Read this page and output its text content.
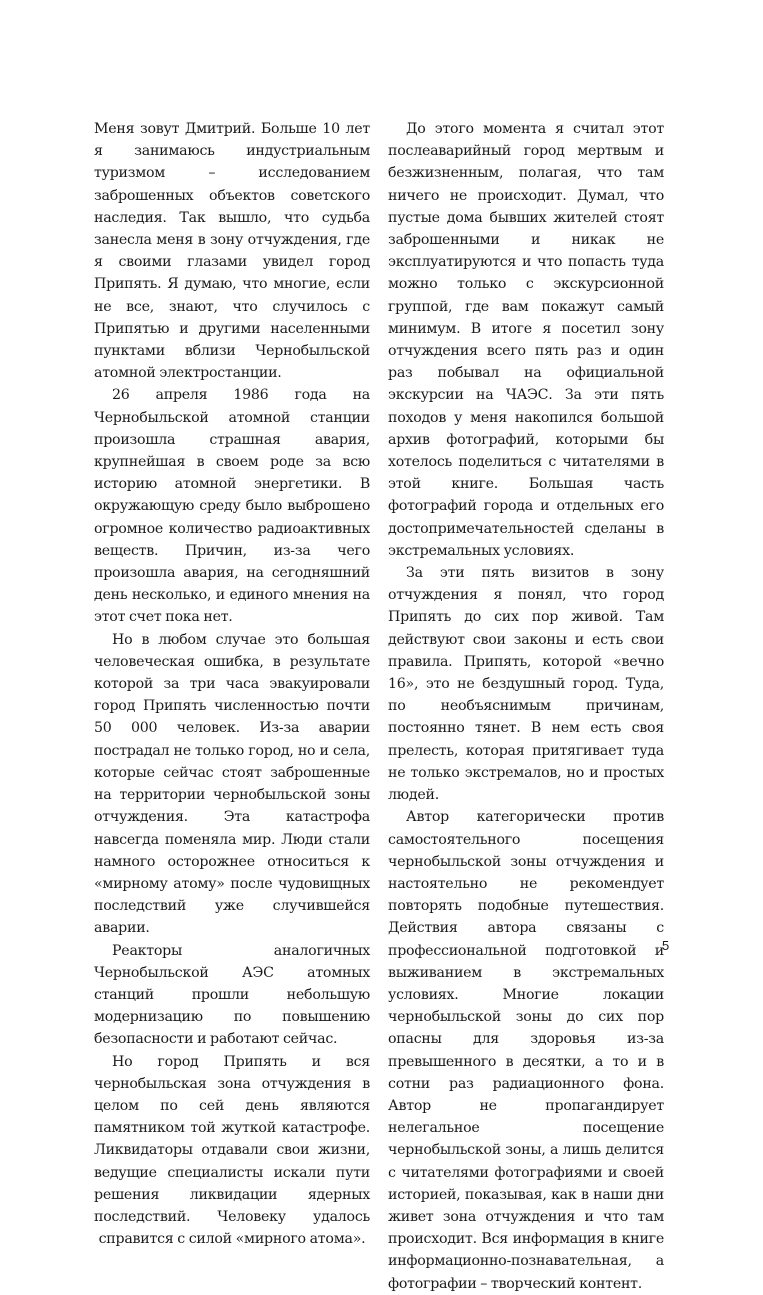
Меня зовут Дмитрий. Больше 10 лет я занимаюсь индустриальным туризмом – исследованием заброшенных объектов советского наследия. Так вышло, что судьба занесла меня в зону отчуждения, где я своими глазами увидел город Припять. Я думаю, что многие, если не все, знают, что случилось с Припятью и другими населенными пунктами вблизи Чернобыльской атомной электростанции.

26 апреля 1986 года на Чернобыльской атомной станции произошла страшная авария, крупнейшая в своем роде за всю историю атомной энергетики. В окружающую среду было выброшено огромное количество радиоактивных веществ. Причин, из-за чего произошла авария, на сегодняшний день несколько, и единого мнения на этот счет пока нет.

Но в любом случае это большая человеческая ошибка, в результате которой за три часа эвакуировали город Припять численностью почти 50 000 человек. Из-за аварии пострадал не только город, но и села, которые сейчас стоят заброшенные на территории чернобыльской зоны отчуждения. Эта катастрофа навсегда поменяла мир. Люди стали намного осторожнее относиться к «мирному атому» после чудовищных последствий уже случившейся аварии.

Реакторы аналогичных Чернобыльской АЭС атомных станций прошли небольшую модернизацию по повышению безопасности и работают сейчас.

Но город Припять и вся чернобыльская зона отчуждения в целом по сей день являются памятником той жуткой катастрофе. Ликвидаторы отдавали свои жизни, ведущие специалисты искали пути решения ликвидации ядерных последствий. Человеку удалось справится с силой «мирного атома».

До этого момента я считал этот послеаварийный город мертвым и безжизненным, полагая, что там ничего не происходит. Думал, что пустые дома бывших жителей стоят заброшенными и никак не эксплуатируются и что попасть туда можно только с экскурсионной группой, где вам покажут самый минимум. В итоге я посетил зону отчуждения всего пять раз и один раз побывал на официальной экскурсии на ЧАЭС. За эти пять походов у меня накопился большой архив фотографий, которыми бы хотелось поделиться с читателями в этой книге. Большая часть фотографий города и отдельных его достопримечательностей сделаны в экстремальных условиях.

За эти пять визитов в зону отчуждения я понял, что город Припять до сих пор живой. Там действуют свои законы и есть свои правила. Припять, которой «вечно 16», это не бездушный город. Туда, по необъяснимым причинам, постоянно тянет. В нем есть своя прелесть, которая притягивает туда не только экстремалов, но и простых людей.

Автор категорически против самостоятельного посещения чернобыльской зоны отчуждения и настоятельно не рекомендует повторять подобные путешествия. Действия автора связаны с профессиональной подготовкой и выживанием в экстремальных условиях. Многие локации чернобыльской зоны до сих пор опасны для здоровья из-за превышенного в десятки, а то и в сотни раз радиационного фона. Автор не пропагандирует нелегальное посещение чернобыльской зоны, а лишь делится с читателями фотографиями и своей историей, показывая, как в наши дни живет зона отчуждения и что там происходит. Вся информация в книге информационно-познавательная, а фотографии – творческий контент.

5
